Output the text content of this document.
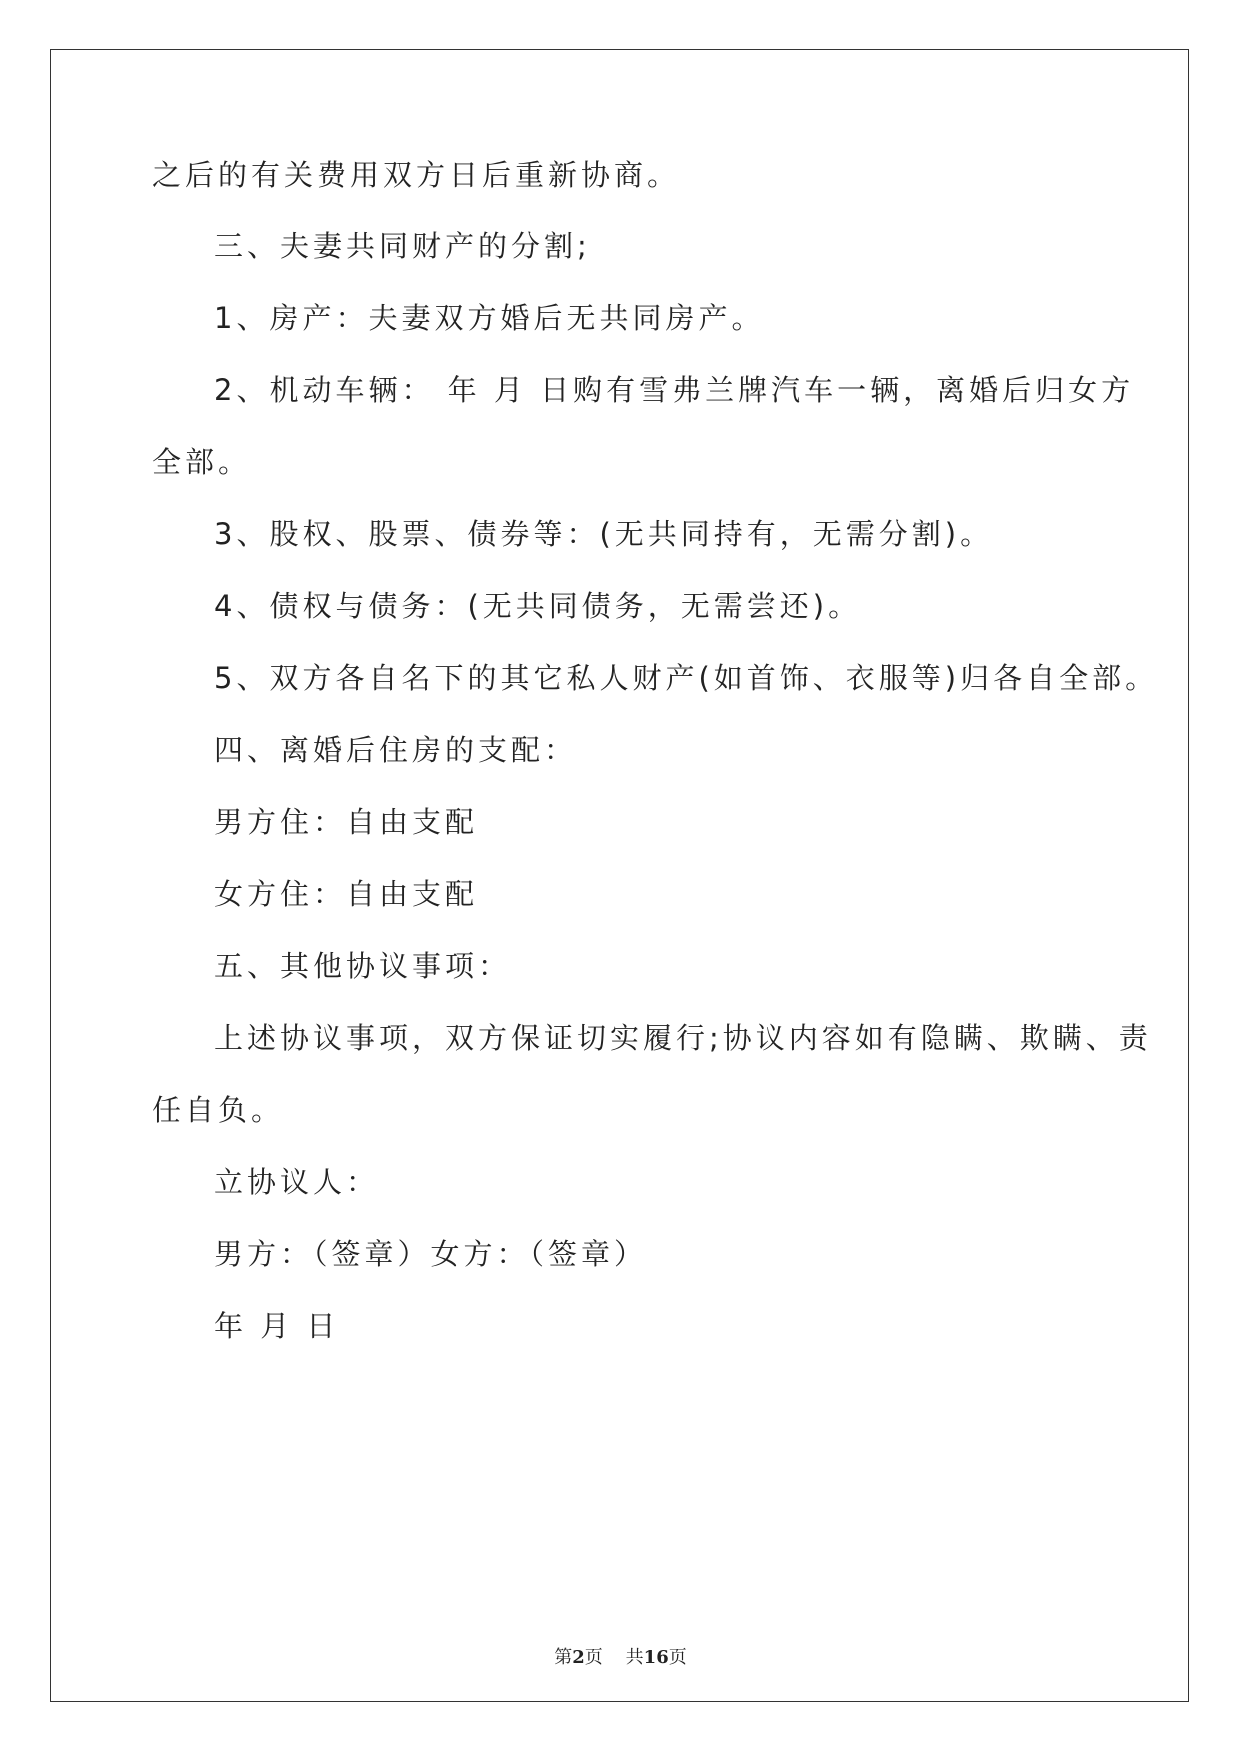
之后的有关费用双方日后重新协商。
三、夫妻共同财产的分割;
1、房产：夫妻双方婚后无共同房产。
2、机动车辆： 年 月 日购有雪弗兰牌汽车一辆，离婚后归女方
全部。
3、股权、股票、债券等：(无共同持有，无需分割)。
4、债权与债务：(无共同债务，无需尝还)。
5、双方各自名下的其它私人财产(如首饰、衣服等)归各自全部。
四、离婚后住房的支配：
男方住：自由支配
女方住：自由支配
五、其他协议事项：
上述协议事项，双方保证切实履行;协议内容如有隐瞒、欺瞒、责
任自负。
立协议人：
男方：（签章）女方：（签章）
年 月 日
第2页 共16页
